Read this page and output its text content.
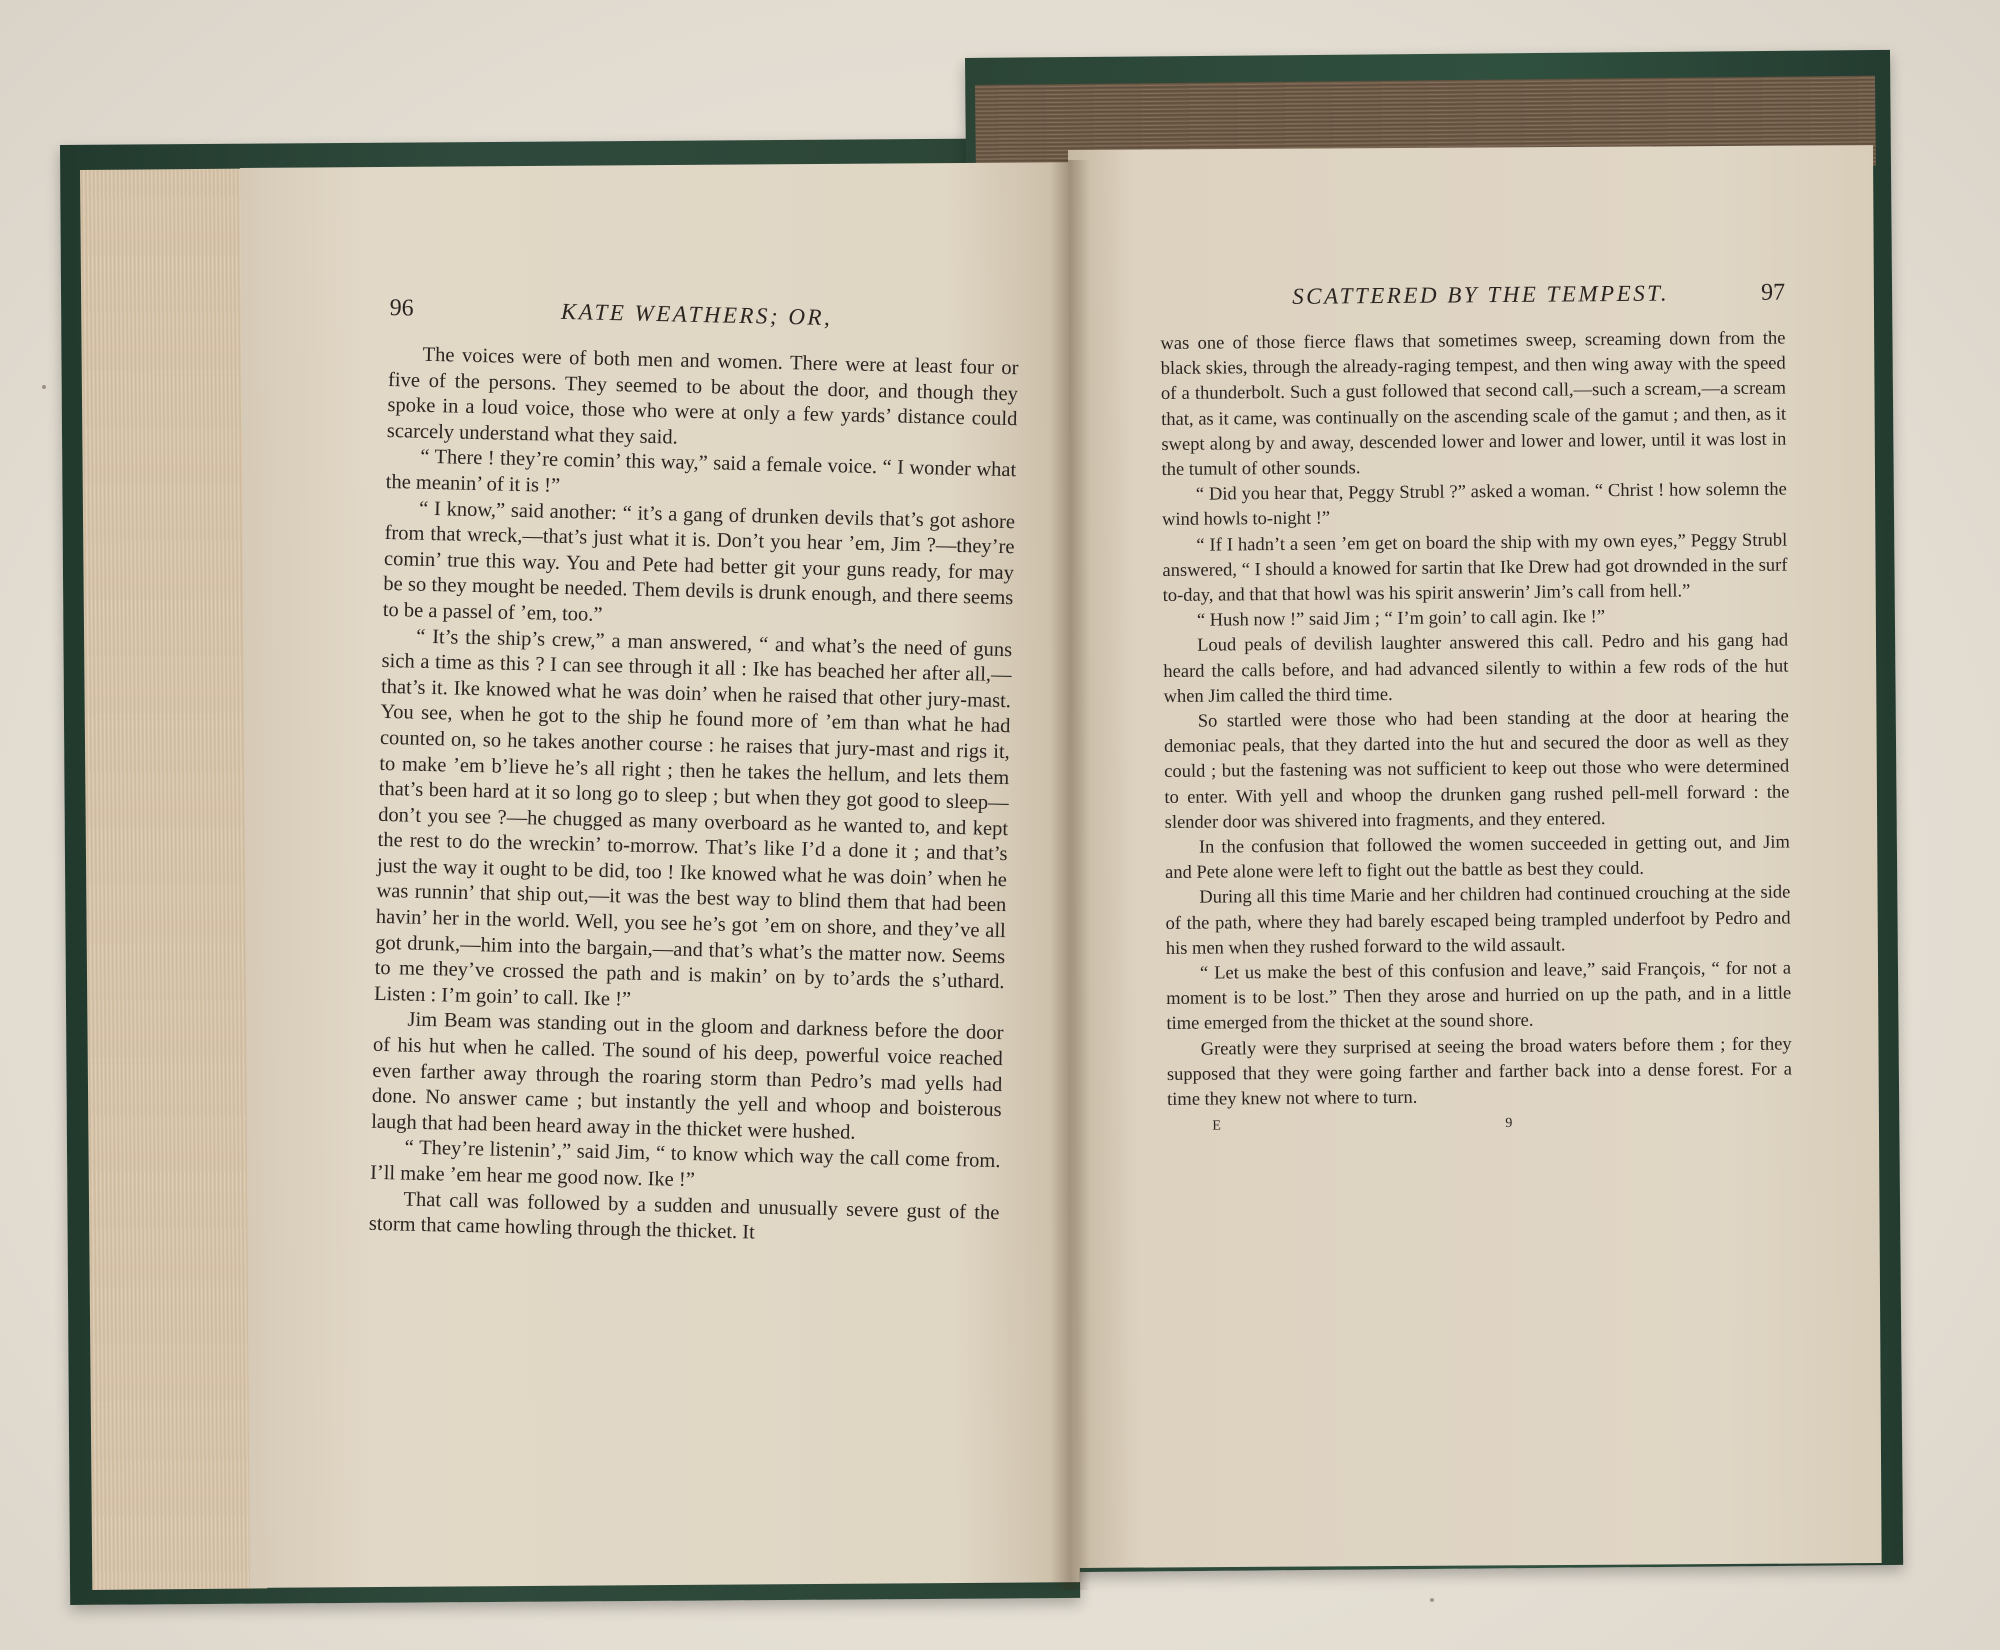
96	KATE WEATHERS; OR,

The voices were of both men and women. There were at least four or five of the persons. They seemed to be about the door, and though they spoke in a loud voice, those who were at only a few yards’ distance could scarcely understand what they said.

“ There ! they’re comin’ this way,” said a female voice. “ I wonder what the meanin’ of it is !”

“ I know,” said another: “ it’s a gang of drunken devils that’s got ashore from that wreck,—that’s just what it is. Don’t you hear ’em, Jim ?—they’re comin’ true this way. You and Pete had better git your guns ready, for may be so they mought be needed. Them devils is drunk enough, and there seems to be a passel of ’em, too.”

“ It’s the ship’s crew,” a man answered, “ and what’s the need of guns sich a time as this ? I can see through it all : Ike has beached her after all,—that’s it. Ike knowed what he was doin’ when he raised that other jury-mast. You see, when he got to the ship he found more of ’em than what he had counted on, so he takes another course : he raises that jury-mast and rigs it, to make ’em b’lieve he’s all right ; then he takes the hellum, and lets them that’s been hard at it so long go to sleep ; but when they got good to sleep—don’t you see ?—he chugged as many overboard as he wanted to, and kept the rest to do the wreckin’ to-morrow. That’s like I’d a done it ; and that’s just the way it ought to be did, too ! Ike knowed what he was doin’ when he was runnin’ that ship out,—it was the best way to blind them that had been havin’ her in the world. Well, you see he’s got ’em on shore, and they’ve all got drunk,—him into the bargain,—and that’s what’s the matter now. Seems to me they’ve crossed the path and is makin’ on by to’ards the s’uthard. Listen : I’m goin’ to call. Ike !”

Jim Beam was standing out in the gloom and darkness before the door of his hut when he called. The sound of his deep, powerful voice reached even farther away through the roaring storm than Pedro’s mad yells had done. No answer came ; but instantly the yell and whoop and boisterous laugh that had been heard away in the thicket were hushed.

“ They’re listenin’,” said Jim, “ to know which way the call come from. I’ll make ’em hear me good now. Ike !”

That call was followed by a sudden and unusually severe gust of the storm that came howling through the thicket. It

SCATTERED BY THE TEMPEST.	97

was one of those fierce flaws that sometimes sweep, screaming down from the black skies, through the already-raging tempest, and then wing away with the speed of a thunderbolt. Such a gust followed that second call,—such a scream,—a scream that, as it came, was continually on the ascending scale of the gamut ; and then, as it swept along by and away, descended lower and lower and lower, until it was lost in the tumult of other sounds.

“ Did you hear that, Peggy Strubl ?” asked a woman. “ Christ ! how solemn the wind howls to-night !”

“ If I hadn’t a seen ’em get on board the ship with my own eyes,” Peggy Strubl answered, “ I should a knowed for sartin that Ike Drew had got drownded in the surf to-day, and that that howl was his spirit answerin’ Jim’s call from hell.”

“ Hush now !” said Jim ; “ I’m goin’ to call agin. Ike !”

Loud peals of devilish laughter answered this call. Pedro and his gang had heard the calls before, and had advanced silently to within a few rods of the hut when Jim called the third time.

So startled were those who had been standing at the door at hearing the demoniac peals, that they darted into the hut and secured the door as well as they could ; but the fastening was not sufficient to keep out those who were determined to enter. With yell and whoop the drunken gang rushed pell-mell forward : the slender door was shivered into fragments, and they entered.

In the confusion that followed the women succeeded in getting out, and Jim and Pete alone were left to fight out the battle as best they could.

During all this time Marie and her children had continued crouching at the side of the path, where they had barely escaped being trampled underfoot by Pedro and his men when they rushed forward to the wild assault.

“ Let us make the best of this confusion and leave,” said François, “ for not a moment is to be lost.” Then they arose and hurried on up the path, and in a little time emerged from the thicket at the sound shore.

Greatly were they surprised at seeing the broad waters before them ; for they supposed that they were going farther and farther back into a dense forest. For a time they knew not where to turn.

E	9
